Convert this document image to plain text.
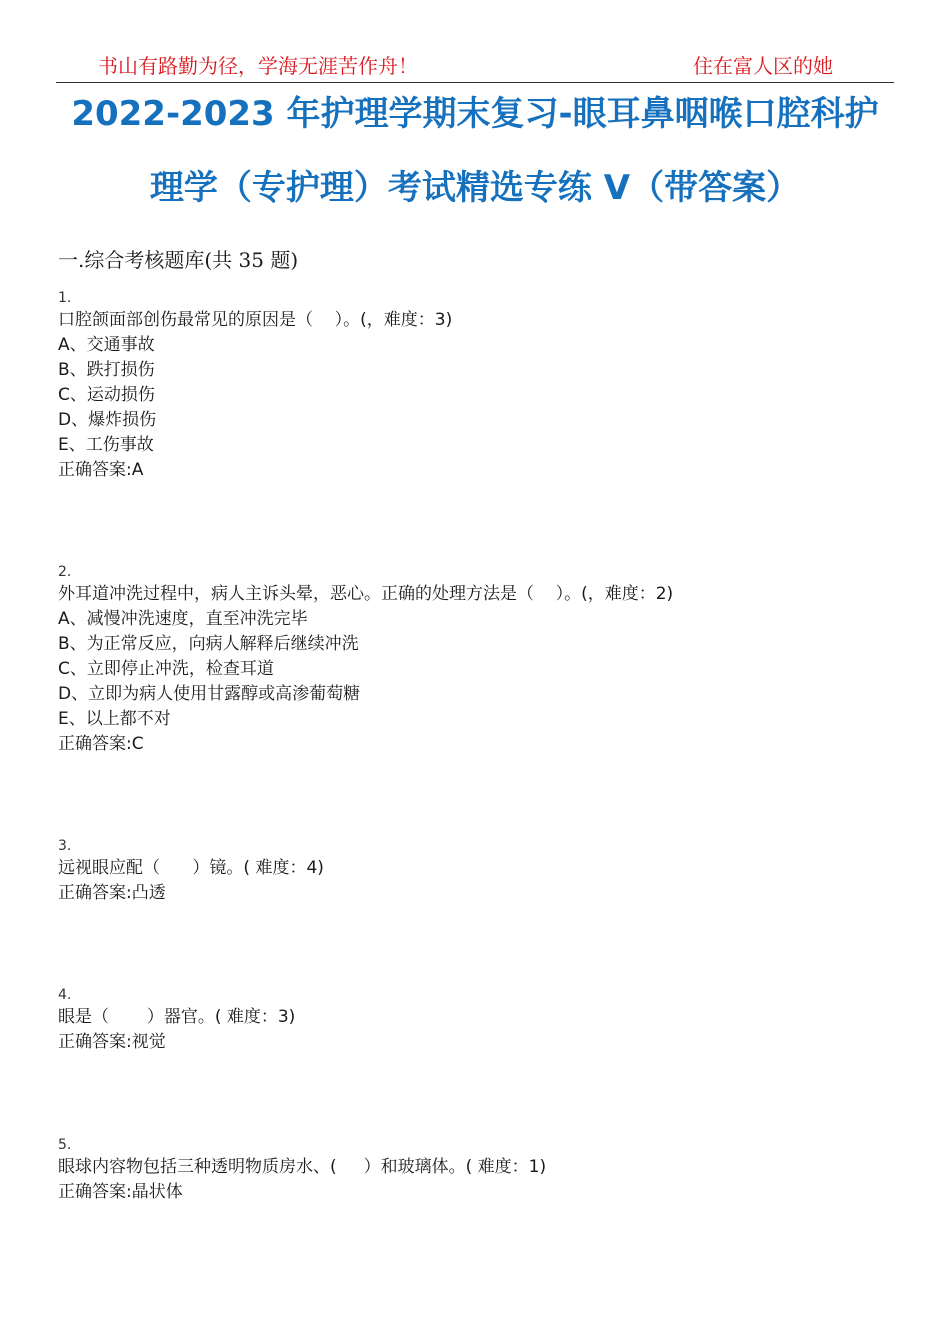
书山有路勤为径，学海无涯苦作舟！	住在富人区的她
2022-2023 年护理学期末复习-眼耳鼻咽喉口腔科护
理学（专护理）考试精选专练 V（带答案）
一.综合考核题库(共 35 题)
1.
口腔颌面部创伤最常见的原因是（    ）。(，难度：3)
A、交通事故
B、跌打损伤
C、运动损伤
D、爆炸损伤
E、工伤事故
正确答案:A
2.
外耳道冲洗过程中，病人主诉头晕，恶心。正确的处理方法是（    ）。(，难度：2)
A、减慢冲洗速度，直至冲洗完毕
B、为正常反应，向病人解释后继续冲洗
C、立即停止冲洗，检查耳道
D、立即为病人使用甘露醇或高渗葡萄糖
E、以上都不对
正确答案:C
3.
远视眼应配（      ）镜。( 难度：4)
正确答案:凸透
4.
眼是（       ）器官。( 难度：3)
正确答案:视觉
5.
眼球内容物包括三种透明物质房水、(     ）和玻璃体。( 难度：1)
正确答案:晶状体
